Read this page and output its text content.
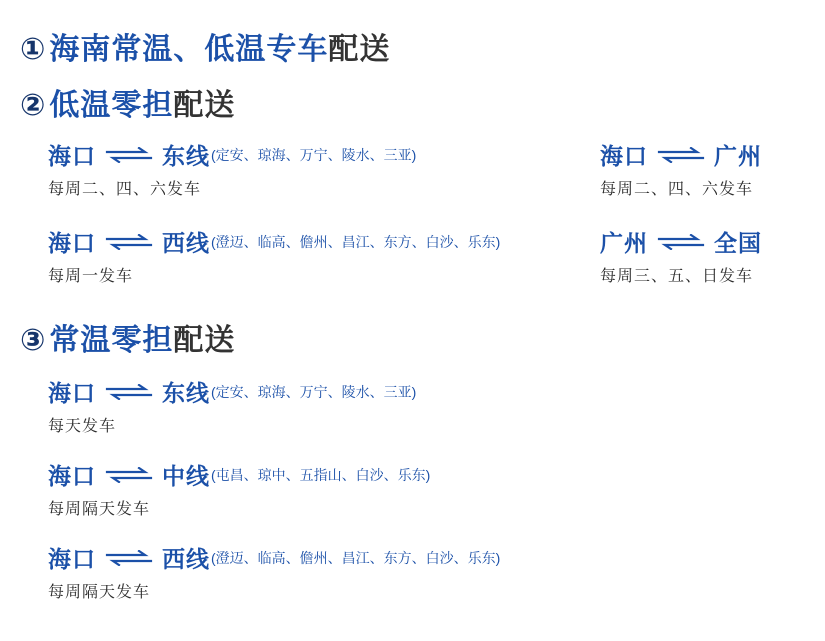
① 海南常温、低温专车 配送
② 低温零担 配送
海口	东线 (定安、琼海、万宁、陵水、三亚)
每周二、四、六发车
海口	西线 (澄迈、临高、儋州、昌江、东方、白沙、乐东)
每周一发车
海口	广州
每周二、四、六发车
广州	全国
每周三、五、日发车
③ 常温零担 配送
海口	东线 (定安、琼海、万宁、陵水、三亚)
每天发车
海口	中线 (屯昌、琼中、五指山、白沙、乐东)
每周隔天发车
海口	西线 (澄迈、临高、儋州、昌江、东方、白沙、乐东)
每周隔天发车
